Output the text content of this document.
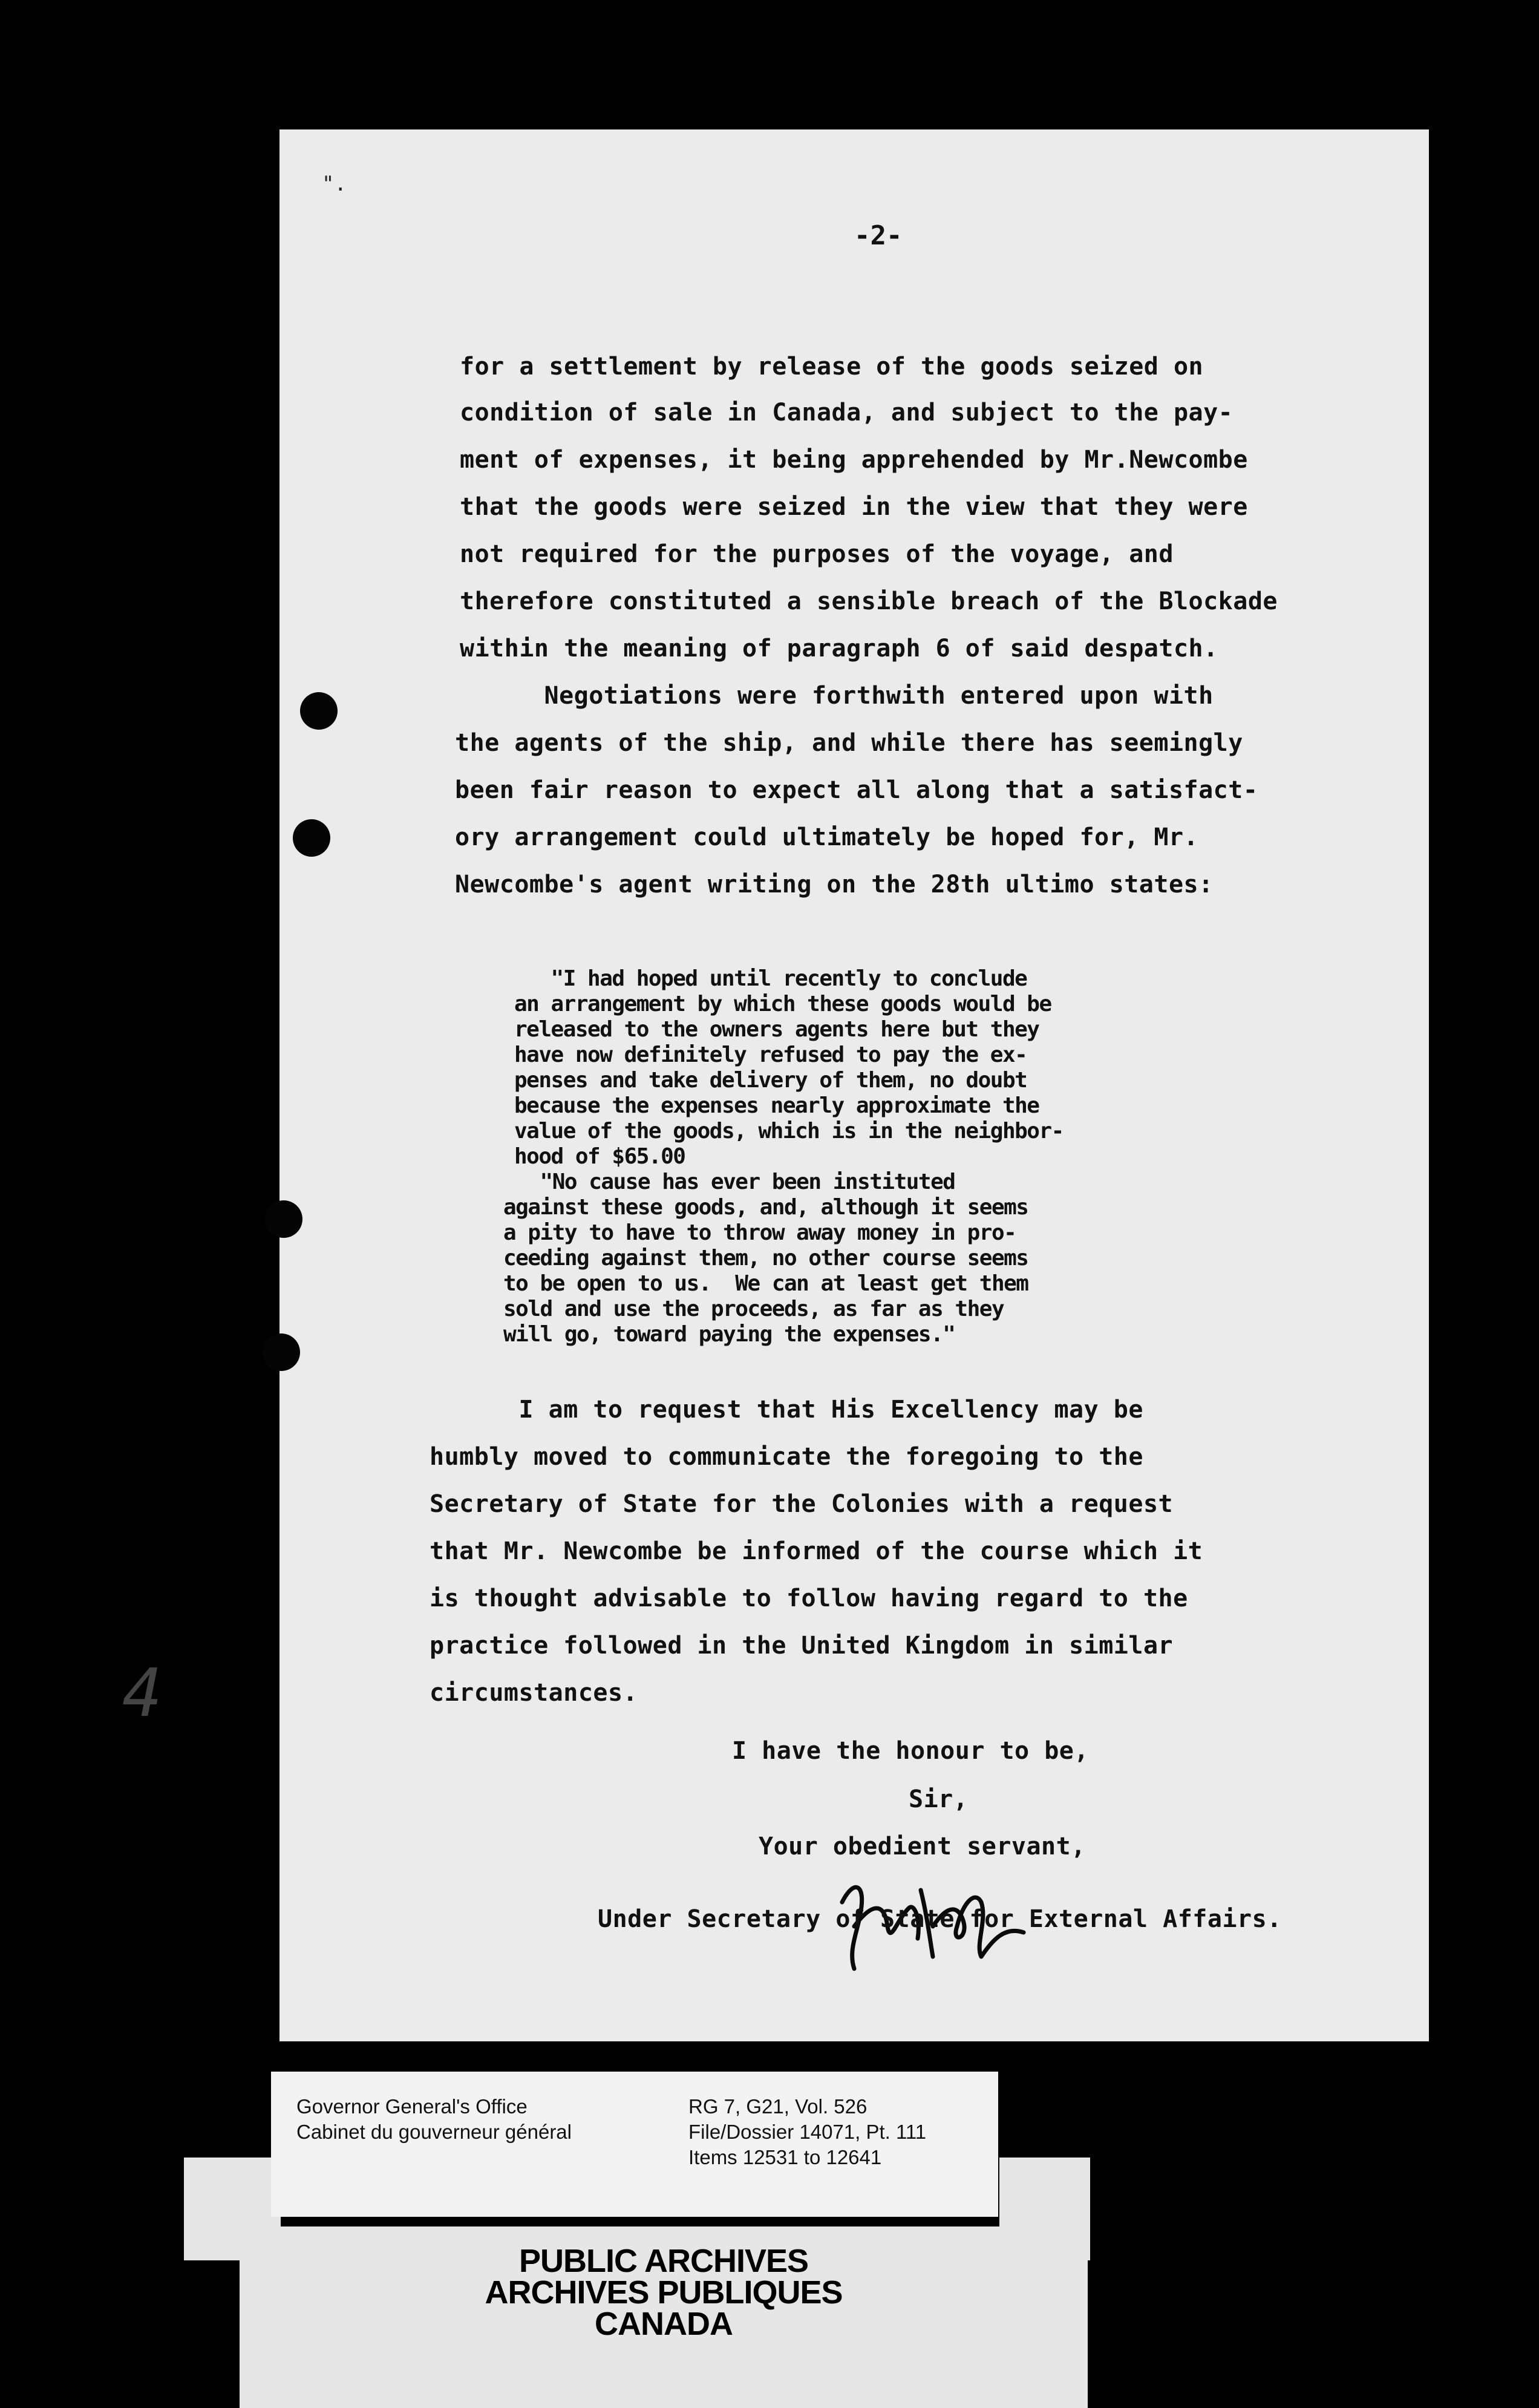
".
4
-2-
for a settlement by release of the goods seized on
condition of sale in Canada, and subject to the pay-
ment of expenses, it being apprehended by Mr.Newcombe
that the goods were seized in the view that they were
not required for the purposes of the voyage, and
therefore constituted a sensible breach of the Blockade
within the meaning of paragraph 6 of said despatch.
Negotiations were forthwith entered upon with
the agents of the ship, and while there has seemingly
been fair reason to expect all along that a satisfact-
ory arrangement could ultimately be hoped for, Mr.
Newcombe's agent writing on the 28th ultimo states:
"I had hoped until recently to conclude
an arrangement by which these goods would be
released to the owners agents here but they
have now definitely refused to pay the ex-
penses and take delivery of them, no doubt
because the expenses nearly approximate the
value of the goods, which is in the neighbor-
hood of $65.00
"No cause has ever been instituted
against these goods, and, although it seems
a pity to have to throw away money in pro-
ceeding against them, no other course seems
to be open to us.  We can at least get them
sold and use the proceeds, as far as they
will go, toward paying the expenses."
I am to request that His Excellency may be
humbly moved to communicate the foregoing to the
Secretary of State for the Colonies with a request
that Mr. Newcombe be informed of the course which it
is thought advisable to follow having regard to the
practice followed in the United Kingdom in similar
circumstances.
I have the honour to be,
Sir,
Your obedient servant,
Under Secretary of State for External Affairs.
Governor General's Office
Cabinet du gouverneur général
RG 7, G21, Vol. 526
File/Dossier 14071, Pt. 111
Items 12531 to 12641
PUBLIC ARCHIVES
ARCHIVES PUBLIQUES
CANADA
